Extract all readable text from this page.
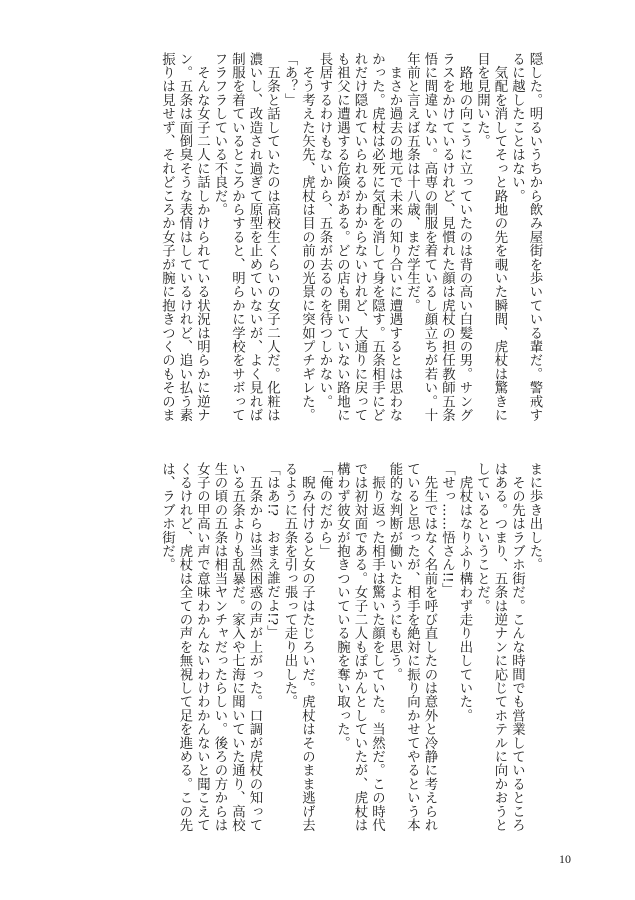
隠した。明るいうちから飲み屋街を歩いている輩だ。警戒す
るに越したことはない。
　気配を消してそっと路地の先を覗いた瞬間、虎杖は驚きに
目を見開いた。
　路地の向こうに立っていたのは背の高い白髪の男。サング
ラスをかけているけれど、見慣れた顔は虎杖の担任教師五条
悟に間違いない。高専の制服を着ているし顔立ちが若い。十
年前と言えば五条は十八歳、まだ学生だ。
　まさか過去の地元で未来の知り合いに遭遇するとは思わな
かった。虎杖は必死に気配を消して身を隠す。五条相手にど
れだけ隠れていられるかわからないけれど、大通りに戻って
も祖父に遭遇する危険がある。どの店も開いていない路地に
長居するわけもないから、五条が去るのを待つしかない。
　そう考えた矢先、虎杖は目の前の光景に突如プチギレた。
「あ？」
　五条と話していたのは高校生くらいの女子二人だ。化粧は
濃いし、改造され過ぎて原型を止めていないが、よく見れば
制服を着ているところからすると、明らかに学校をサボって
フラフラしている不良だ。
　そんな女子二人に話しかけられている状況は明らかに逆ナ
ン。五条は面倒臭そうな表情はしているけれど、追い払う素
振りは見せず、それどころか女子が腕に抱きつくのもそのま
まに歩き出した。
　その先はラブホ街だ。こんな時間でも営業しているところ
はある。つまり、五条は逆ナンに応じてホテルに向かおうと
しているということだ。
　虎杖はなりふり構わず走り出していた。
「せっ……悟さん!!」
　先生ではなく名前を呼び直したのは意外と冷静に考えられ
ていると思ったが、相手を絶対に振り向かせてやるという本
能的な判断が働いたようにも思う。
　振り返った相手は驚いた顔をしていた。当然だ。この時代
では初対面である。女子二人もぽかんとしていたが、虎杖は
構わず彼女が抱きついている腕を奪い取った。
「俺のだから」
　睨み付けると女の子はたじろいだ。虎杖はそのまま逃げ去
るように五条を引っ張って走り出した。
「はあ!?　おまえ誰だよ!?」
　五条からは当然困惑の声が上がった。口調が虎杖の知って
いる五条よりも乱暴だ。家入や七海に聞いていた通り、高校
生の頃の五条は相当ヤンチャだったらしい。後ろの方からは
女子の甲高い声で意味わかんないわけわかんないと聞こえて
くるけれど、虎杖は全ての声を無視して足を進める。この先
は、ラブホ街だ。
10
